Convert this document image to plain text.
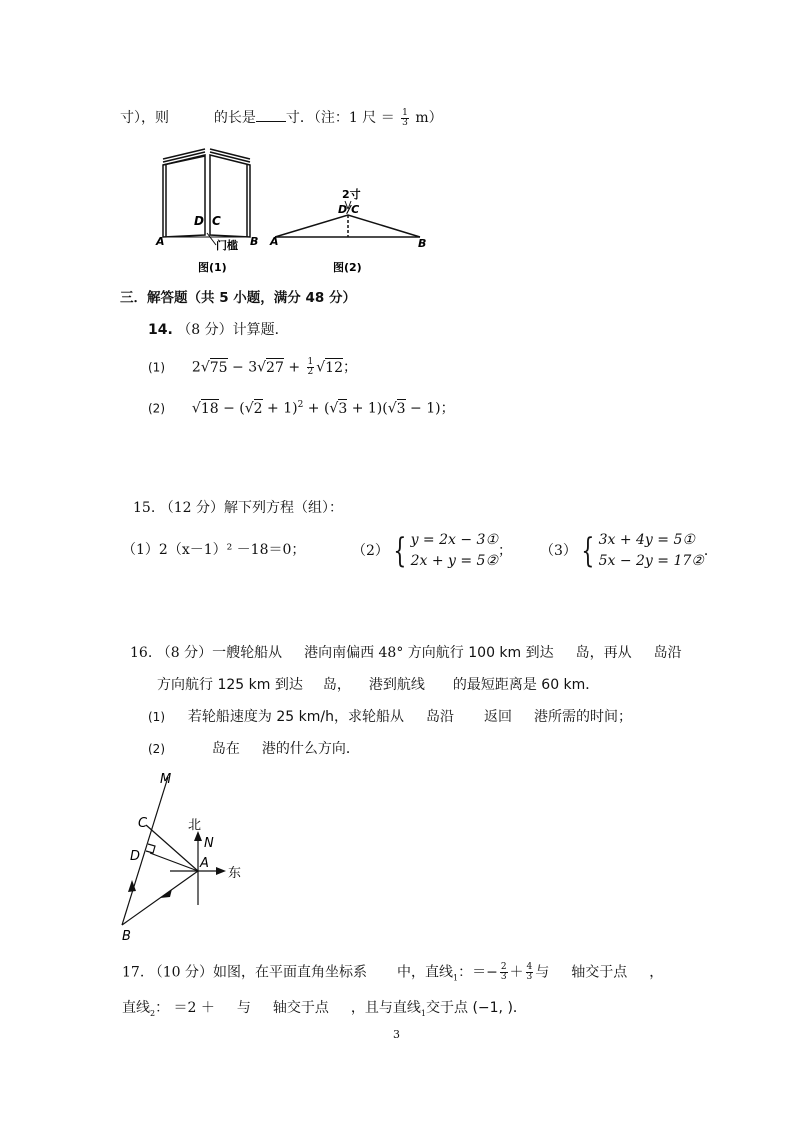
寸），则	的长是 寸．（注：1 尺 ＝ $\frac{1}{3} m$）
D C
A	B
门槛
图(1)
2寸
D/C
A	B
图(2)
三．解答题（共 5 小题，满分 48 分）
14. （8 分）计算题．
(1) $2√75 - 3√27 + \frac{1}{2} √12$；
(2)  $√18 - (√2 + 1)^2 + (√3 + 1)(√3 - 1)$；
15. （12 分）解下列方程（组）：
（1）2（x－1）² －18＝0；	（2） { y = 2x − 3①
2x + y = 5②
； （3） { 3x + 4y = 5①
5x − 2y = 17②
．
16. （8 分）一艘轮船从 港向南偏西 48° 方向航行 100 km 到达 岛，再从 岛沿
方向航行 125 km 到达 岛， 港到航线 的最短距离是 60 km．
(1) 若轮船速度为 25 km/h，求轮船从 岛沿 返回 港所需的时间；
(2)	岛在 港的什么方向．
M
C
D	A
B
N
北
东
17. （10 分）如图，在平面直角坐标系 中，直线$_1$：＝− $\frac{2}{3} + \frac{4}{3}$ 与 轴交于点 ，
直线$_2$： ＝2 ＋ 与 轴交于点 ，且与直线$_1$交于点 (−1, )．
3
